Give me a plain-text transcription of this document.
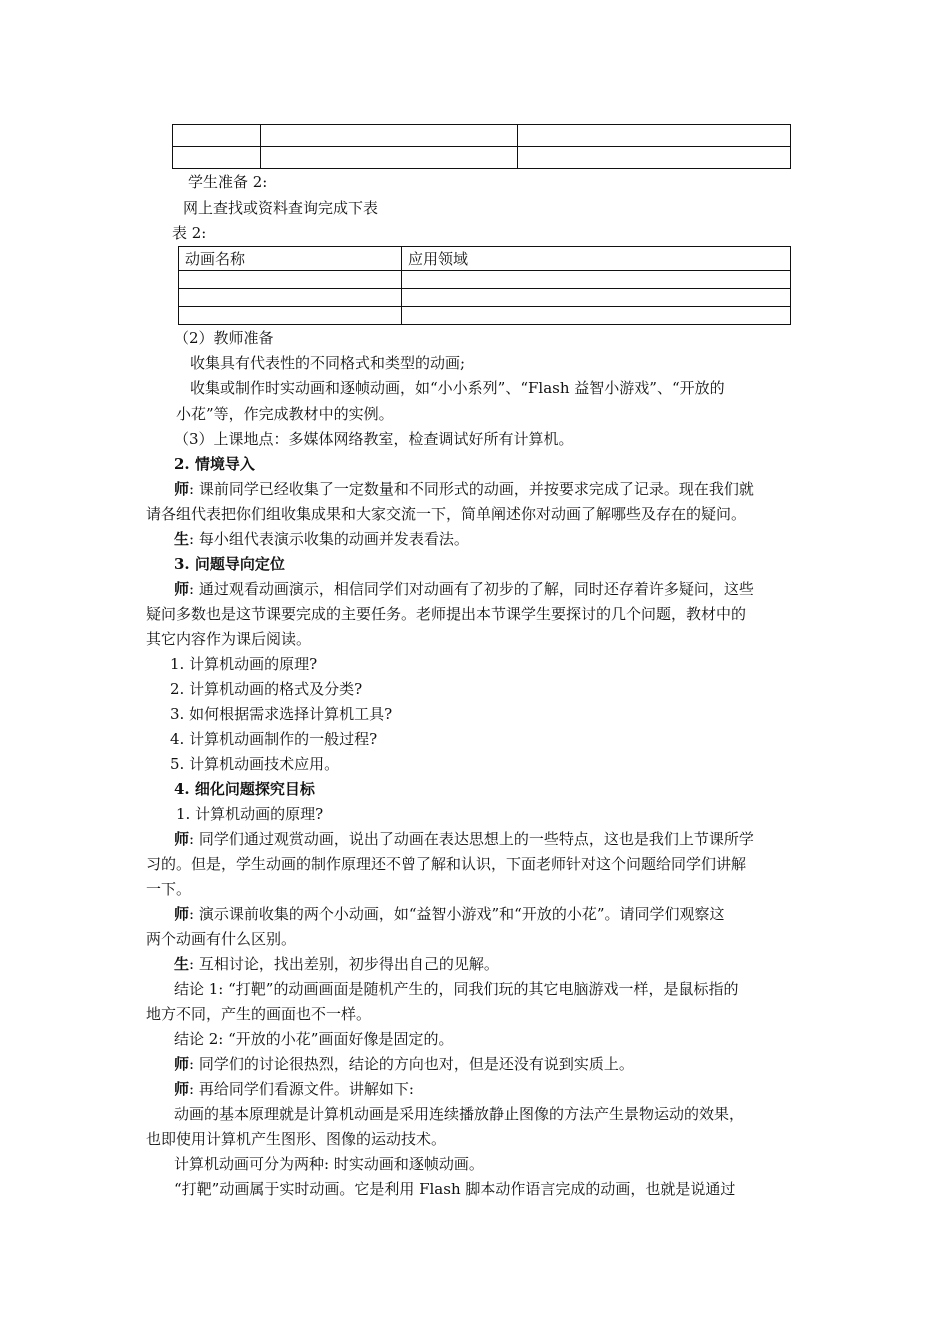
学生准备 2:
网上查找或资料查询完成下表
表 2:
动画名称	应用领域

（2）教师准备
收集具有代表性的不同格式和类型的动画;
收集或制作时实动画和逐帧动画，如“小小系列”、“Flash 益智小游戏”、“开放的
小花”等，作完成教材中的实例。
（3）上课地点：多媒体网络教室，检查调试好所有计算机。
2. 情境导入
师: 课前同学已经收集了一定数量和不同形式的动画，并按要求完成了记录。现在我们就
请各组代表把你们组收集成果和大家交流一下，简单阐述你对动画了解哪些及存在的疑问。
生: 每小组代表演示收集的动画并发表看法。
3. 问题导向定位
师: 通过观看动画演示，相信同学们对动画有了初步的了解，同时还存着许多疑问，这些
疑问多数也是这节课要完成的主要任务。老师提出本节课学生要探讨的几个问题，教材中的
其它内容作为课后阅读。
1. 计算机动画的原理?
2. 计算机动画的格式及分类?
3. 如何根据需求选择计算机工具?
4. 计算机动画制作的一般过程?
5. 计算机动画技术应用。
4. 细化问题探究目标
1. 计算机动画的原理?
师: 同学们通过观赏动画，说出了动画在表达思想上的一些特点，这也是我们上节课所学
习的。但是，学生动画的制作原理还不曾了解和认识，下面老师针对这个问题给同学们讲解
一下。
师: 演示课前收集的两个小动画，如“益智小游戏”和“开放的小花”。请同学们观察这
两个动画有什么区别。
生: 互相讨论，找出差别，初步得出自己的见解。
结论 1: “打靶”的动画画面是随机产生的，同我们玩的其它电脑游戏一样，是鼠标指的
地方不同，产生的画面也不一样。
结论 2: “开放的小花”画面好像是固定的。
师: 同学们的讨论很热烈，结论的方向也对，但是还没有说到实质上。
师: 再给同学们看源文件。讲解如下:
动画的基本原理就是计算机动画是采用连续播放静止图像的方法产生景物运动的效果，
也即使用计算机产生图形、图像的运动技术。
计算机动画可分为两种: 时实动画和逐帧动画。
“打靶”动画属于实时动画。它是利用 Flash 脚本动作语言完成的动画，也就是说通过
